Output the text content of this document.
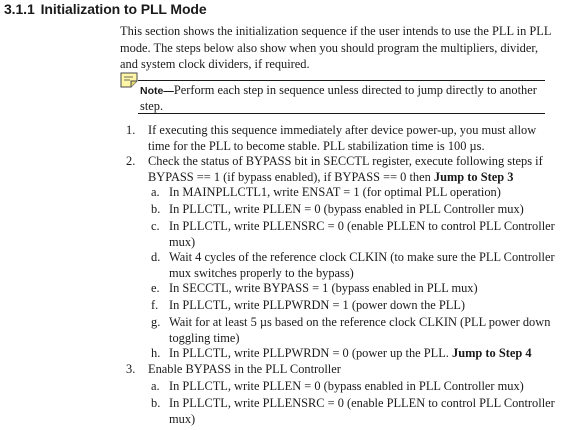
3.1.1 Initialization to PLL Mode
This section shows the initialization sequence if the user intends to use the PLL in PLL mode. The steps below also show when you should program the multipliers, divider, and system clock dividers, if required.
Note—Perform each step in sequence unless directed to jump directly to another step.
1. If executing this sequence immediately after device power-up, you must allow time for the PLL to become stable. PLL stabilization time is 100 µs.
2. Check the status of BYPASS bit in SECCTL register, execute following steps if BYPASS == 1 (if bypass enabled), if BYPASS == 0 then Jump to Step 3
a. In MAINPLLCTL1, write ENSAT = 1 (for optimal PLL operation)
b. In PLLCTL, write PLLEN = 0 (bypass enabled in PLL Controller mux)
c. In PLLCTL, write PLLENSRC = 0 (enable PLLEN to control PLL Controller mux)
d. Wait 4 cycles of the reference clock CLKIN (to make sure the PLL Controller mux switches properly to the bypass)
e. In SECCTL, write BYPASS = 1 (bypass enabled in PLL mux)
f. In PLLCTL, write PLLPWRDN = 1 (power down the PLL)
g. Wait for at least 5 µs based on the reference clock CLKIN (PLL power down toggling time)
h. In PLLCTL, write PLLPWRDN = 0 (power up the PLL. Jump to Step 4
3. Enable BYPASS in the PLL Controller
a. In PLLCTL, write PLLEN = 0 (bypass enabled in PLL Controller mux)
b. In PLLCTL, write PLLENSRC = 0 (enable PLLEN to control PLL Controller mux)
